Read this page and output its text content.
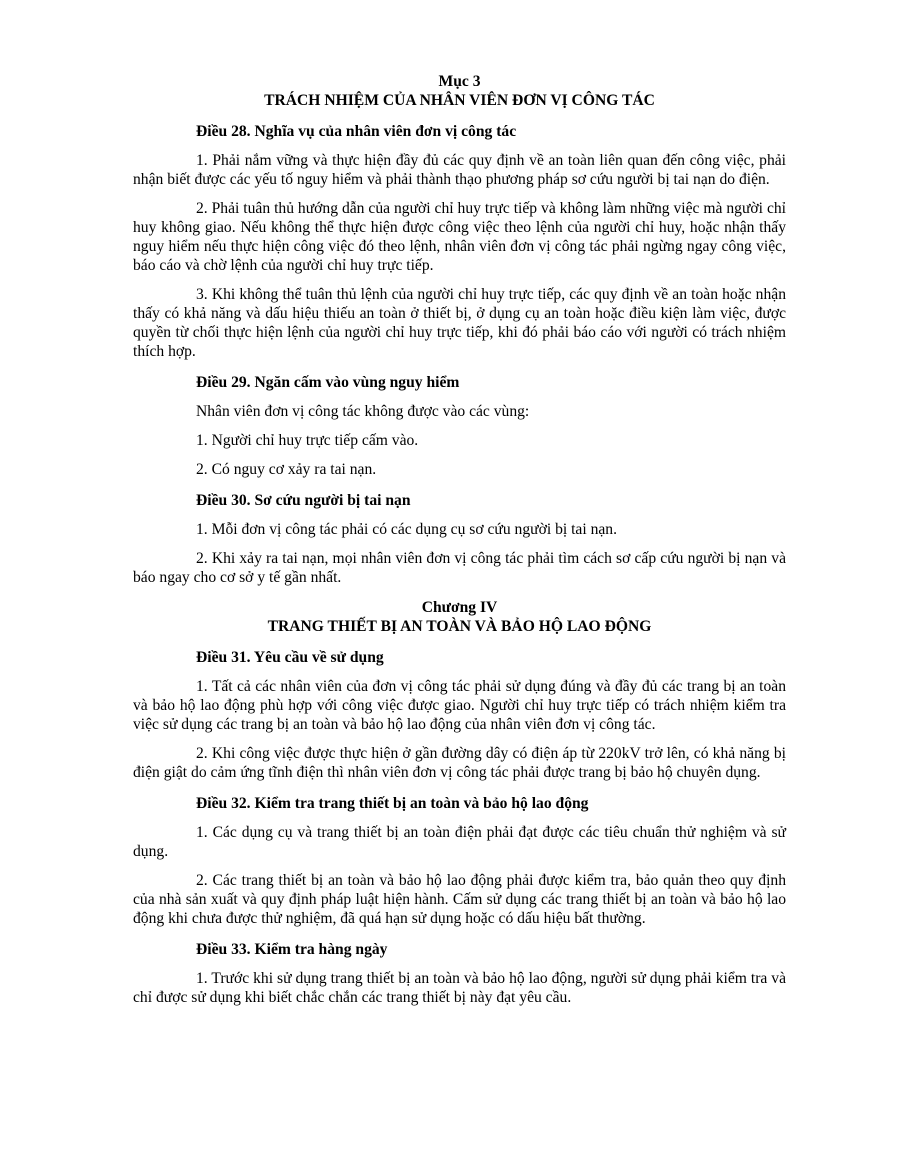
Mục 3

TRÁCH NHIỆM CỦA NHÂN VIÊN ĐƠN VỊ CÔNG TÁC

Điều 28. Nghĩa vụ của nhân viên đơn vị công tác

1. Phải nắm vững và thực hiện đầy đủ các quy định về an toàn liên quan đến công việc, phải nhận biết được các yếu tố nguy hiểm và phải thành thạo phương pháp sơ cứu người bị tai nạn do điện.

2. Phải tuân thủ hướng dẫn của người chỉ huy trực tiếp và không làm những việc mà người chỉ huy không giao. Nếu không thể thực hiện được công việc theo lệnh của người chỉ huy, hoặc nhận thấy nguy hiểm nếu thực hiện công việc đó theo lệnh, nhân viên đơn vị công tác phải ngừng ngay công việc, báo cáo và chờ lệnh của người chỉ huy trực tiếp.

3. Khi không thể tuân thủ lệnh của người chỉ huy trực tiếp, các quy định về an toàn hoặc nhận thấy có khả năng và dấu hiệu thiếu an toàn ở thiết bị, ở dụng cụ an toàn hoặc điều kiện làm việc, được quyền từ chối thực hiện lệnh của người chỉ huy trực tiếp, khi đó phải báo cáo với người có trách nhiệm thích hợp.

Điều 29. Ngăn cấm vào vùng nguy hiểm

Nhân viên đơn vị công tác không được vào các vùng:

1. Người chỉ huy trực tiếp cấm vào.

2. Có nguy cơ xảy ra tai nạn.

Điều 30. Sơ cứu người bị tai nạn

1. Mỗi đơn vị công tác phải có các dụng cụ sơ cứu người bị tai nạn.

2. Khi xảy ra tai nạn, mọi nhân viên đơn vị công tác phải tìm cách sơ cấp cứu người bị nạn và báo ngay cho cơ sở y tế gần nhất.

Chương IV

TRANG THIẾT BỊ AN TOÀN VÀ BẢO HỘ LAO ĐỘNG

Điều 31. Yêu cầu về sử dụng

1. Tất cả các nhân viên của đơn vị công tác phải sử dụng đúng và đầy đủ các trang bị an toàn và bảo hộ lao động phù hợp với công việc được giao. Người chỉ huy trực tiếp có trách nhiệm kiểm tra việc sử dụng các trang bị an toàn và bảo hộ lao động của nhân viên đơn vị công tác.

2. Khi công việc được thực hiện ở gần đường dây có điện áp từ 220kV trở lên, có khả năng bị điện giật do cảm ứng tĩnh điện thì nhân viên đơn vị công tác phải được trang bị bảo hộ chuyên dụng.

Điều 32. Kiểm tra trang thiết bị an toàn và bảo hộ lao động

1. Các dụng cụ và trang thiết bị an toàn điện phải đạt được các tiêu chuẩn thử nghiệm và sử dụng.

2. Các trang thiết bị an toàn và bảo hộ lao động phải được kiểm tra, bảo quản theo quy định của nhà sản xuất và quy định pháp luật hiện hành. Cấm sử dụng các trang thiết bị an toàn và bảo hộ lao động khi chưa được thử nghiệm, đã quá hạn sử dụng hoặc có dấu hiệu bất thường.

Điều 33. Kiểm tra hàng ngày

1. Trước khi sử dụng trang thiết bị an toàn và bảo hộ lao động, người sử dụng phải kiểm tra và chỉ được sử dụng khi biết chắc chắn các trang thiết bị này đạt yêu cầu.
